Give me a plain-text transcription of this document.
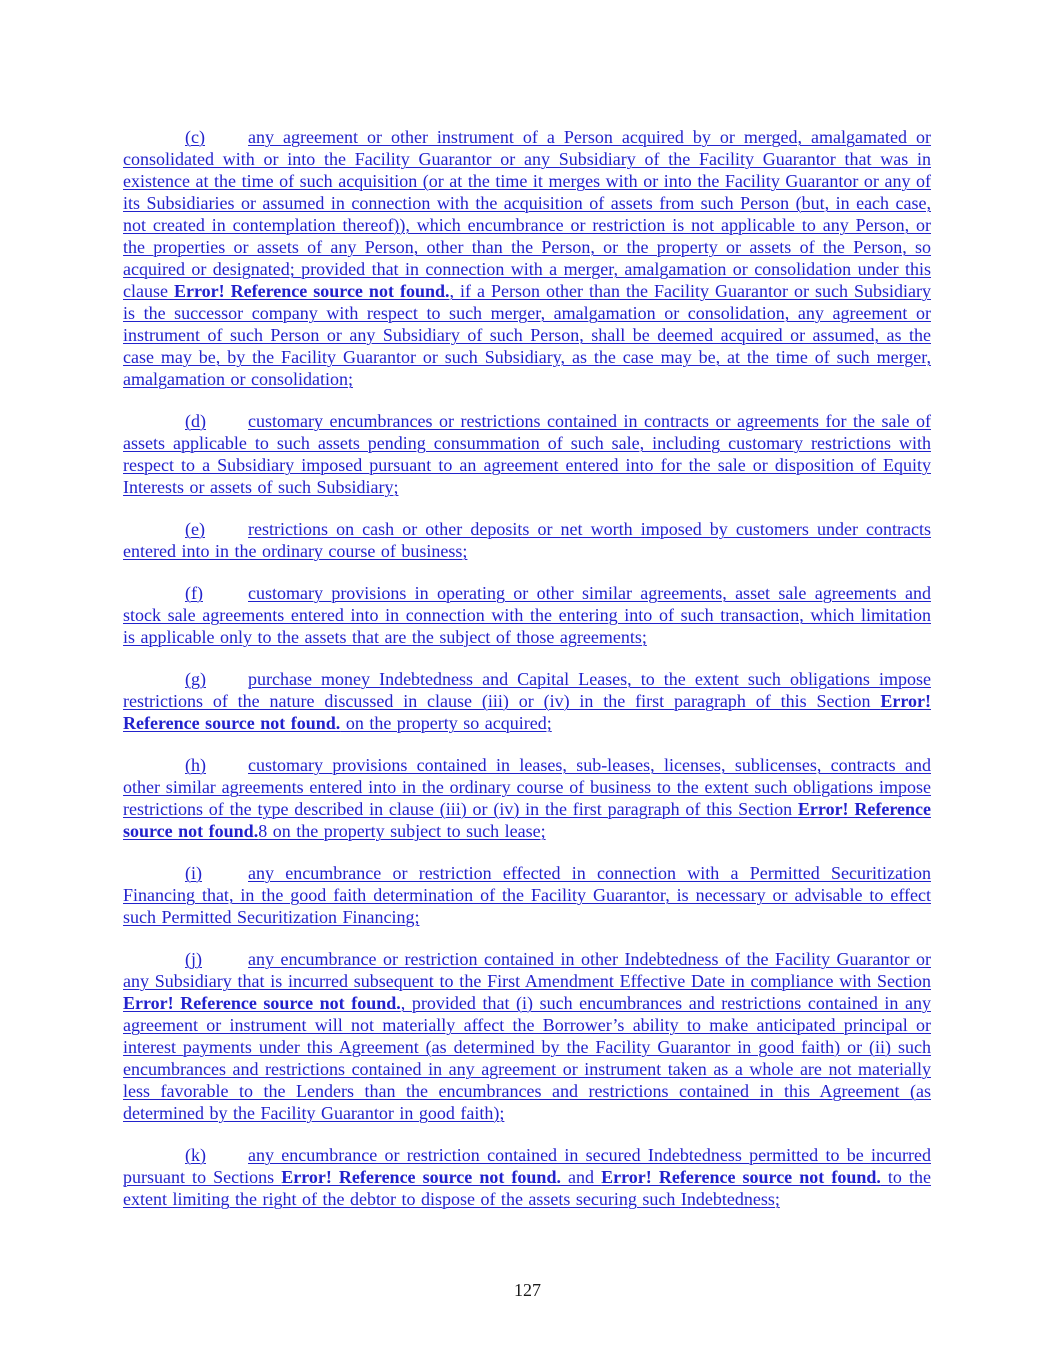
(c) any agreement or other instrument of a Person acquired by or merged, amalgamated or consolidated with or into the Facility Guarantor or any Subsidiary of the Facility Guarantor that was in existence at the time of such acquisition (or at the time it merges with or into the Facility Guarantor or any of its Subsidiaries or assumed in connection with the acquisition of assets from such Person (but, in each case, not created in contemplation thereof)), which encumbrance or restriction is not applicable to any Person, or the properties or assets of any Person, other than the Person, or the property or assets of the Person, so acquired or designated; provided that in connection with a merger, amalgamation or consolidation under this clause Error! Reference source not found., if a Person other than the Facility Guarantor or such Subsidiary is the successor company with respect to such merger, amalgamation or consolidation, any agreement or instrument of such Person or any Subsidiary of such Person, shall be deemed acquired or assumed, as the case may be, by the Facility Guarantor or such Subsidiary, as the case may be, at the time of such merger, amalgamation or consolidation;

(d) customary encumbrances or restrictions contained in contracts or agreements for the sale of assets applicable to such assets pending consummation of such sale, including customary restrictions with respect to a Subsidiary imposed pursuant to an agreement entered into for the sale or disposition of Equity Interests or assets of such Subsidiary;

(e) restrictions on cash or other deposits or net worth imposed by customers under contracts entered into in the ordinary course of business;

(f)	customary provisions in operating or other similar agreements, asset sale agreements and stock sale agreements entered into in connection with the entering into of such transaction, which limitation is applicable only to the assets that are the subject of those agreements;

(g) purchase money Indebtedness and Capital Leases, to the extent such obligations impose restrictions of the nature discussed in clause (iii) or (iv) in the first paragraph of this Section Error! Reference source not found. on the property so acquired;

(h) customary provisions contained in leases, sub-leases, licenses, sublicenses, contracts and other similar agreements entered into in the ordinary course of business to the extent such obligations impose restrictions of the type described in clause (iii) or (iv) in the first paragraph of this Section Error! Reference source not found.8 on the property subject to such lease;

(i)	any encumbrance or restriction effected in connection with a Permitted Securitization Financing that, in the good faith determination of the Facility Guarantor, is necessary or advisable to effect such Permitted Securitization Financing;

(j)	any encumbrance or restriction contained in other Indebtedness of the Facility Guarantor or any Subsidiary that is incurred subsequent to the First Amendment Effective Date in compliance with Section Error! Reference source not found., provided that (i) such encumbrances and restrictions contained in any agreement or instrument will not materially affect the Borrower’s ability to make anticipated principal or interest payments under this Agreement (as determined by the Facility Guarantor in good faith) or (ii) such encumbrances and restrictions contained in any agreement or instrument taken as a whole are not materially less favorable to the Lenders than the encumbrances and restrictions contained in this Agreement (as determined by the Facility Guarantor in good faith);

(k) any encumbrance or restriction contained in secured Indebtedness permitted to be incurred pursuant to Sections Error! Reference source not found. and Error! Reference source not found. to the extent limiting the right of the debtor to dispose of the assets securing such Indebtedness;

127
